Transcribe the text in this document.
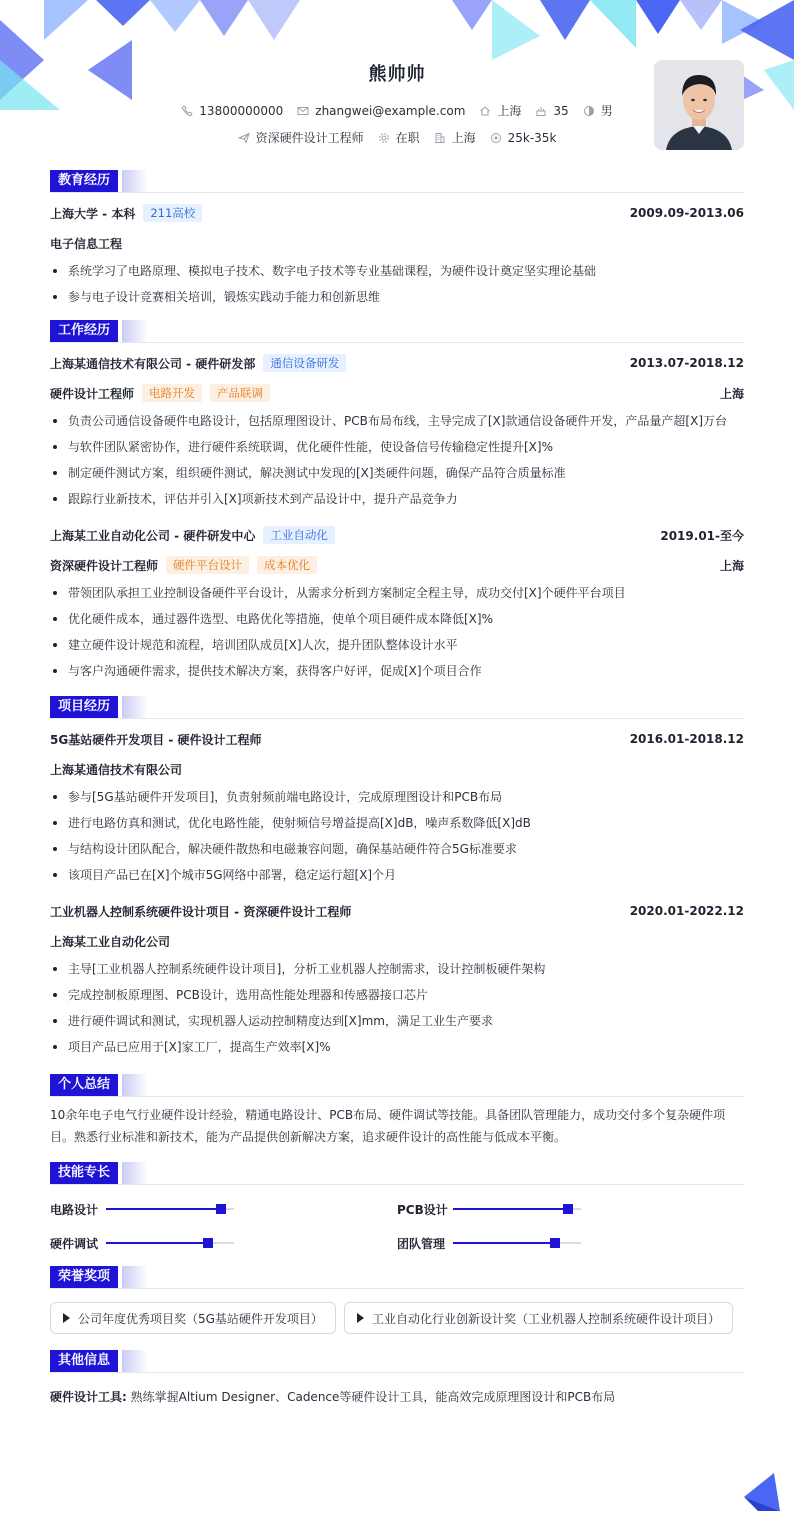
熊帅帅
13800000000	zhangwei@example.com	上海	35	男
资深硬件设计工程师	在职	上海	25k-35k
教育经历
上海大学 - 本科	211高校	2009.09-2013.06
电子信息工程
系统学习了电路原理、模拟电子技术、数字电子技术等专业基础课程，为硬件设计奠定坚实理论基础
参与电子设计竞赛相关培训，锻炼实践动手能力和创新思维
工作经历
上海某通信技术有限公司 - 硬件研发部	通信设备研发	2013.07-2018.12
硬件设计工程师	电路开发	产品联调	上海
负责公司通信设备硬件电路设计，包括原理图设计、PCB布局布线，主导完成了[X]款通信设备硬件开发，产品量产超[X]万台
与软件团队紧密协作，进行硬件系统联调，优化硬件性能，使设备信号传输稳定性提升[X]%
制定硬件测试方案，组织硬件测试，解决测试中发现的[X]类硬件问题，确保产品符合质量标准
跟踪行业新技术，评估并引入[X]项新技术到产品设计中，提升产品竞争力
上海某工业自动化公司 - 硬件研发中心	工业自动化	2019.01-至今
资深硬件设计工程师	硬件平台设计	成本优化	上海
带领团队承担工业控制设备硬件平台设计，从需求分析到方案制定全程主导，成功交付[X]个硬件平台项目
优化硬件成本，通过器件选型、电路优化等措施，使单个项目硬件成本降低[X]%
建立硬件设计规范和流程，培训团队成员[X]人次，提升团队整体设计水平
与客户沟通硬件需求，提供技术解决方案，获得客户好评，促成[X]个项目合作
项目经历
5G基站硬件开发项目 - 硬件设计工程师	2016.01-2018.12
上海某通信技术有限公司
参与[5G基站硬件开发项目]，负责射频前端电路设计，完成原理图设计和PCB布局
进行电路仿真和测试，优化电路性能，使射频信号增益提高[X]dB，噪声系数降低[X]dB
与结构设计团队配合，解决硬件散热和电磁兼容问题，确保基站硬件符合5G标准要求
该项目产品已在[X]个城市5G网络中部署，稳定运行超[X]个月
工业机器人控制系统硬件设计项目 - 资深硬件设计工程师	2020.01-2022.12
上海某工业自动化公司
主导[工业机器人控制系统硬件设计项目]，分析工业机器人控制需求，设计控制板硬件架构
完成控制板原理图、PCB设计，选用高性能处理器和传感器接口芯片
进行硬件调试和测试，实现机器人运动控制精度达到[X]mm，满足工业生产要求
项目产品已应用于[X]家工厂，提高生产效率[X]%
个人总结
10余年电子电气行业硬件设计经验，精通电路设计、PCB布局、硬件调试等技能。具备团队管理能力，成功交付多个复杂硬件项目。熟悉行业标准和新技术，能为产品提供创新解决方案，追求硬件设计的高性能与低成本平衡。
技能专长
电路设计	PCB设计
硬件调试	团队管理
荣誉奖项
公司年度优秀项目奖（5G基站硬件开发项目）	工业自动化行业创新设计奖（工业机器人控制系统硬件设计项目）
其他信息
硬件设计工具: 熟练掌握Altium Designer、Cadence等硬件设计工具，能高效完成原理图设计和PCB布局
